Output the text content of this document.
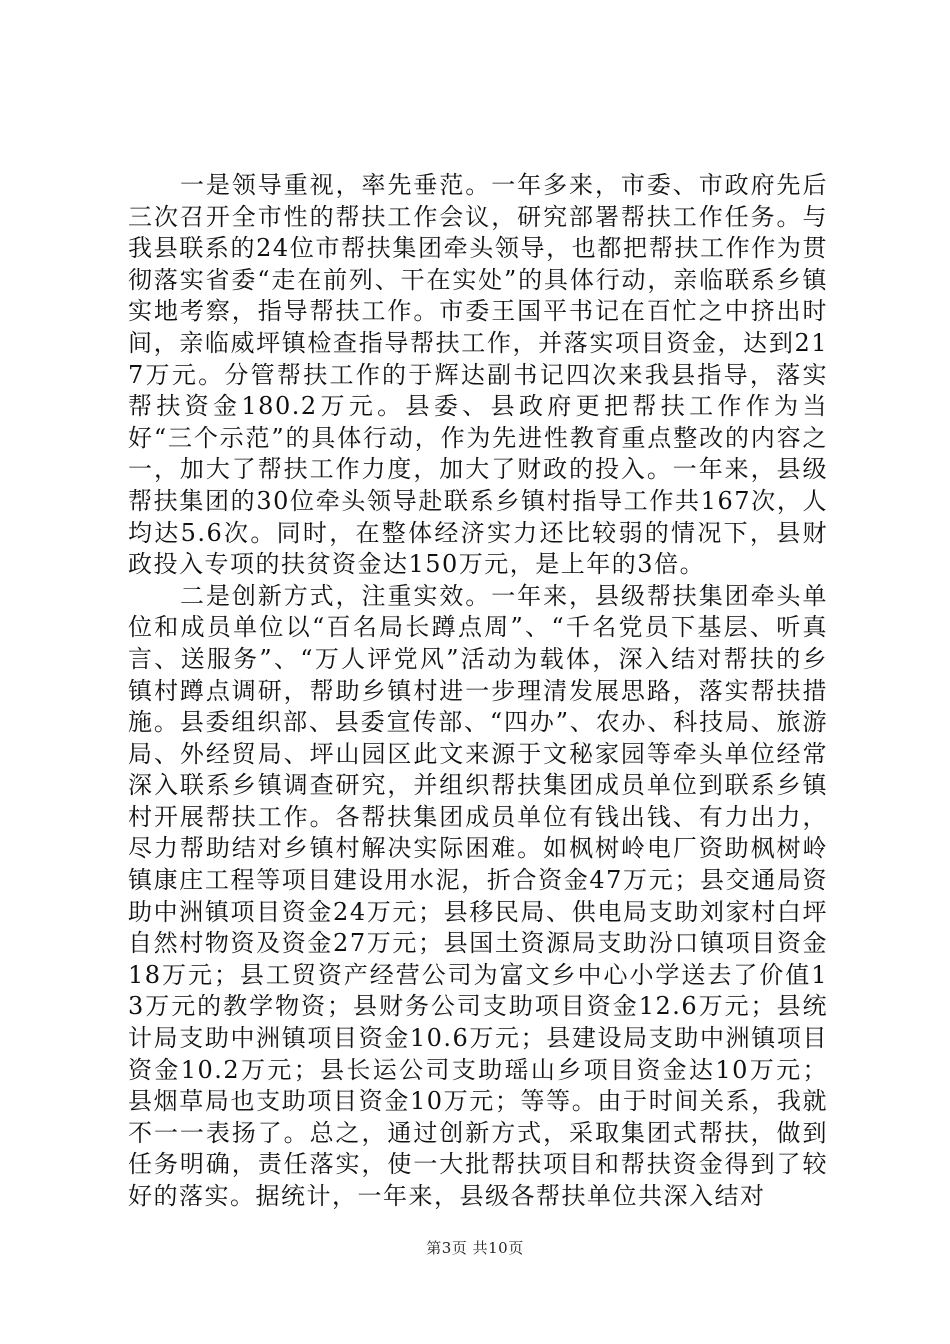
一是领导重视，率先垂范。一年多来，市委、市政府先后三次召开全市性的帮扶工作会议，研究部署帮扶工作任务。与我县联系的24位市帮扶集团牵头领导，也都把帮扶工作作为贯彻落实省委“走在前列、干在实处”的具体行动，亲临联系乡镇实地考察，指导帮扶工作。市委王国平书记在百忙之中挤出时间，亲临威坪镇检查指导帮扶工作，并落实项目资金，达到217万元。分管帮扶工作的于辉达副书记四次来我县指导，落实帮扶资金180.2万元。县委、县政府更把帮扶工作作为当好“三个示范”的具体行动，作为先进性教育重点整改的内容之一，加大了帮扶工作力度，加大了财政的投入。一年来，县级帮扶集团的30位牵头领导赴联系乡镇村指导工作共167次，人均达5.6次。同时，在整体经济实力还比较弱的情况下，县财政投入专项的扶贫资金达150万元，是上年的3倍。

二是创新方式，注重实效。一年来，县级帮扶集团牵头单位和成员单位以“百名局长蹲点周”、“千名党员下基层、听真言、送服务”、“万人评党风”活动为载体，深入结对帮扶的乡镇村蹲点调研，帮助乡镇村进一步理清发展思路，落实帮扶措施。县委组织部、县委宣传部、“四办”、农办、科技局、旅游局、外经贸局、坪山园区此文来源于文秘家园等牵头单位经常深入联系乡镇调查研究，并组织帮扶集团成员单位到联系乡镇村开展帮扶工作。各帮扶集团成员单位有钱出钱、有力出力，尽力帮助结对乡镇村解决实际困难。如枫树岭电厂资助枫树岭镇康庄工程等项目建设用水泥，折合资金47万元；县交通局资助中洲镇项目资金24万元；县移民局、供电局支助刘家村白坪自然村物资及资金27万元；县国土资源局支助汾口镇项目资金18万元；县工贸资产经营公司为富文乡中心小学送去了价值13万元的教学物资；县财务公司支助项目资金12.6万元；县统计局支助中洲镇项目资金10.6万元；县建设局支助中洲镇项目资金10.2万元；县长运公司支助瑶山乡项目资金达10万元；县烟草局也支助项目资金10万元；等等。由于时间关系，我就不一一表扬了。总之，通过创新方式，采取集团式帮扶，做到任务明确，责任落实，使一大批帮扶项目和帮扶资金得到了较好的落实。据统计，一年来，县级各帮扶单位共深入结对

第3页 共10页
